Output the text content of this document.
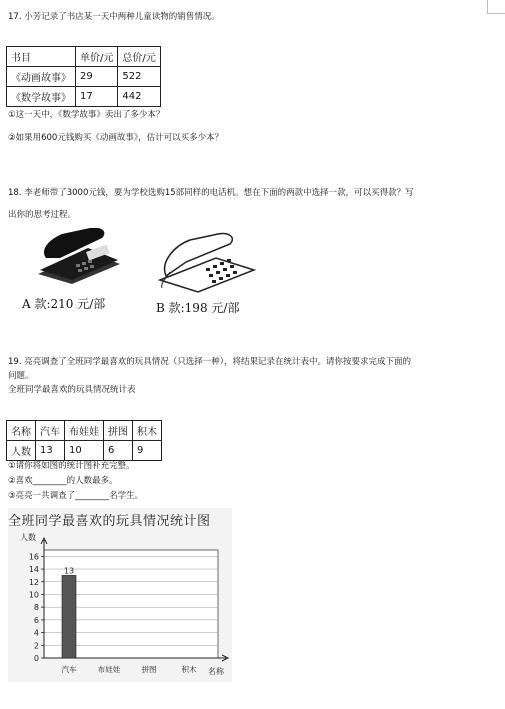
17. 小芳记录了书店某一天中两种儿童读物的销售情况。
书目	单价/元	总价/元
《动画故事》	29	522
《数学故事》	17	442
①这一天中，《数学故事》卖出了多少本？
②如果用600元钱购买《动画故事》，估计可以买多少本？
18. 李老师带了3000元钱，要为学校选购15部同样的电话机。想在下面的两款中选择一款，可以买得款？写
出你的思考过程。
A 款:210 元/部	B 款:198 元/部
19. 亮亮调查了全班同学最喜欢的玩具情况（只选择一种），将结果记录在统计表中。请你按要求完成下面的
问题。
全班同学最喜欢的玩具情况统计表
名称	汽车	布娃娃	拼图	积木
人数	13	10	6	9
①请你将如图的统计图补充完整。
②喜欢________的人数最多。
③亮亮一共调查了________名学生。
全班同学最喜欢的玩具情况统计图
0
2
4
6
8
10
12
14
16
人数
名称
汽车
13
布娃娃	拼图	积木
